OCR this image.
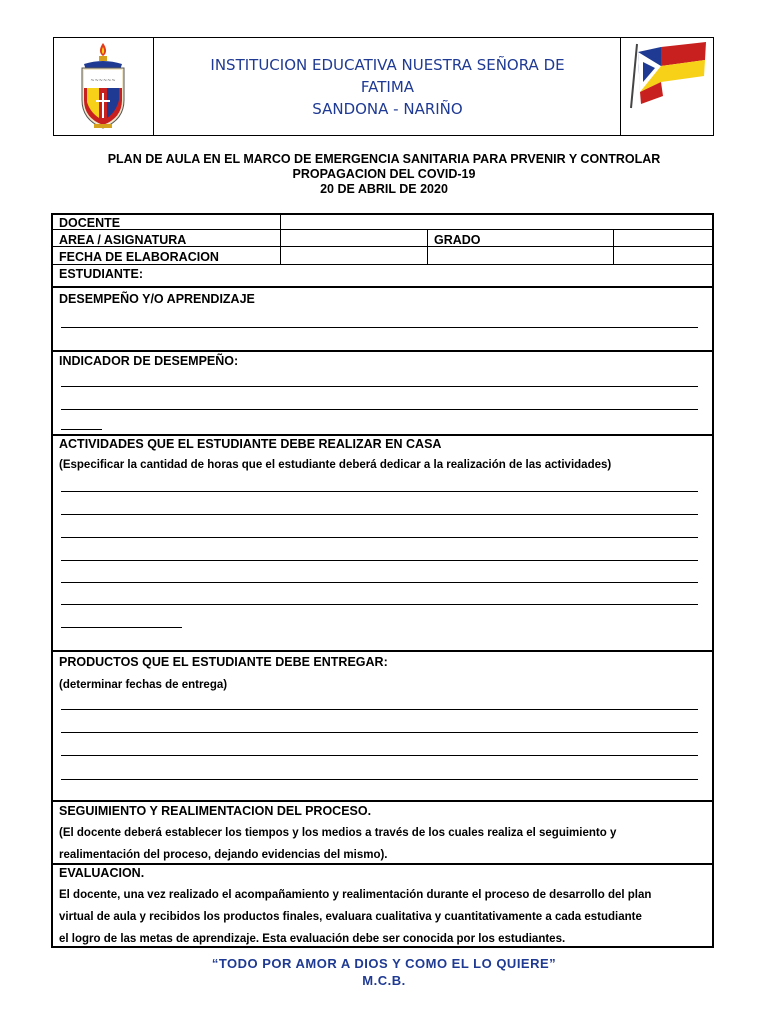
~~~~~~
INSTITUCION EDUCATIVA NUESTRA SEÑORA DE
FATIMA
SANDONA - NARIÑO
PLAN DE AULA EN EL MARCO DE EMERGENCIA SANITARIA PARA PRVENIR Y CONTROLAR
PROPAGACION DEL COVID-19
20 DE ABRIL DE 2020
DOCENTE
AREA / ASIGNATURA	GRADO
FECHA DE ELABORACION
ESTUDIANTE:
DESEMPEÑO Y/O APRENDIZAJE
INDICADOR DE DESEMPEÑO:
ACTIVIDADES QUE EL ESTUDIANTE DEBE REALIZAR EN CASA
(Especificar la cantidad de horas que el estudiante deberá dedicar a la realización de las actividades)
PRODUCTOS QUE EL ESTUDIANTE DEBE ENTREGAR:
(determinar fechas de entrega)
SEGUIMIENTO Y REALIMENTACION DEL PROCESO.
(El docente deberá establecer los tiempos y los medios a través de los cuales realiza el seguimiento y
realimentación del proceso, dejando evidencias del mismo).
EVALUACION.
El docente, una vez realizado el acompañamiento y realimentación durante el proceso de desarrollo del plan
virtual de aula y recibidos los productos finales, evaluara cualitativa y cuantitativamente a cada estudiante
el logro de las metas de aprendizaje. Esta evaluación debe ser conocida por los estudiantes.
“TODO POR AMOR A DIOS Y COMO EL LO QUIERE”
M.C.B.
